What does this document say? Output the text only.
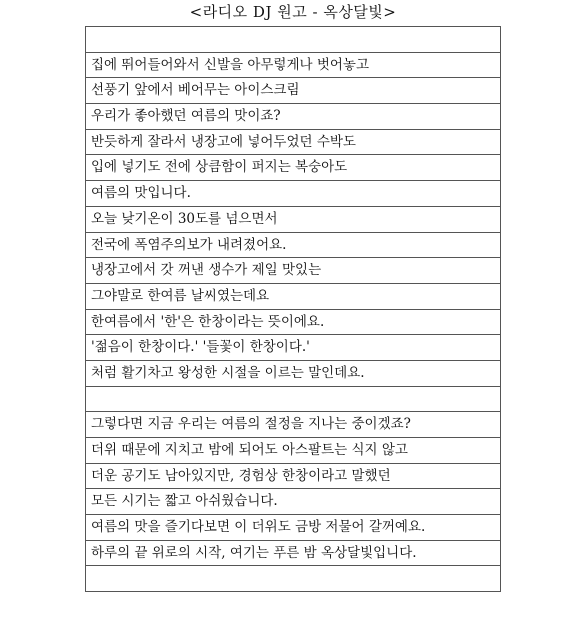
<라디오 DJ 원고 - 옥상달빛>
집에 뛰어들어와서 신발을 아무렇게나 벗어놓고
선풍기 앞에서 베어무는 아이스크림
우리가 좋아했던 여름의 맛이죠?
반듯하게 잘라서 냉장고에 넣어두었던 수박도
입에 넣기도 전에 상큼함이 퍼지는 복숭아도
여름의 맛입니다.
오늘 낮기온이 30도를 넘으면서
전국에 폭염주의보가 내려졌어요.
냉장고에서 갓 꺼낸 생수가 제일 맛있는
그야말로 한여름 날씨였는데요
한여름에서 '한'은 한창이라는 뜻이에요.
'젊음이 한창이다.' '들꽃이 한창이다.'
처럼 활기차고 왕성한 시절을 이르는 말인데요.
그렇다면 지금 우리는 여름의 절정을 지나는 중이겠죠?
더위 때문에 지치고 밤에 되어도 아스팔트는 식지 않고
더운 공기도 남아있지만, 경험상 한창이라고 말했던
모든 시기는 짧고 아쉬웠습니다.
여름의 맛을 즐기다보면 이 더위도 금방 저물어 갈꺼예요.
하루의 끝 위로의 시작, 여기는 푸른 밤 옥상달빛입니다.
